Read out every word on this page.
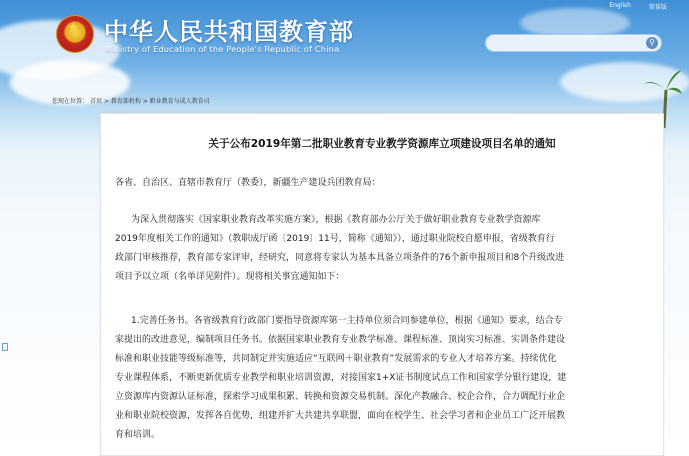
English	简体版
★ 中华人民共和国教育部
Ministry of Education of the People's Republic of China
⚲
您现在位置： 首页 > 教育部机构 > 职业教育与成人教育司
关于公布2019年第二批职业教育专业教学资源库立项建设项目名单的通知
各省、自治区、直辖市教育厅（教委），新疆生产建设兵团教育局：
为深入贯彻落实《国家职业教育改革实施方案》，根据《教育部办公厅关于做好职业教育专业教学资源库
2019年度相关工作的通知》（教职成厅函〔2019〕11号，简称《通知》），通过职业院校自愿申报，省级教育行
政部门审核推荐，教育部专家评审，经研究，同意将专家认为基本具备立项条件的76个新申报项目和8个升级改进
项目予以立项（名单详见附件）。现将相关事宜通知如下：
1.完善任务书。各省级教育行政部门要指导资源库第一主持单位须合同参建单位，根据《通知》要求，结合专
家提出的改进意见，编制项目任务书。依据国家职业教育专业教学标准、课程标准、顶岗实习标准、实训条件建设
标准和职业技能等级标准等，共同制定并实施适应“互联网＋职业教育”发展需求的专业人才培养方案。持续优化
专业课程体系，不断更新优质专业教学和职业培训资源，对接国家1+X证书制度试点工作和国家学分银行建设，建
立资源库内资源认证标准，探索学习成果积累、转换和资源交易机制。深化产教融合、校企合作，合力调配行业企
业和职业院校资源，发挥各自优势，组建并扩大共建共享联盟，面向在校学生、社会学习者和企业员工广泛开展教
育和培训。
